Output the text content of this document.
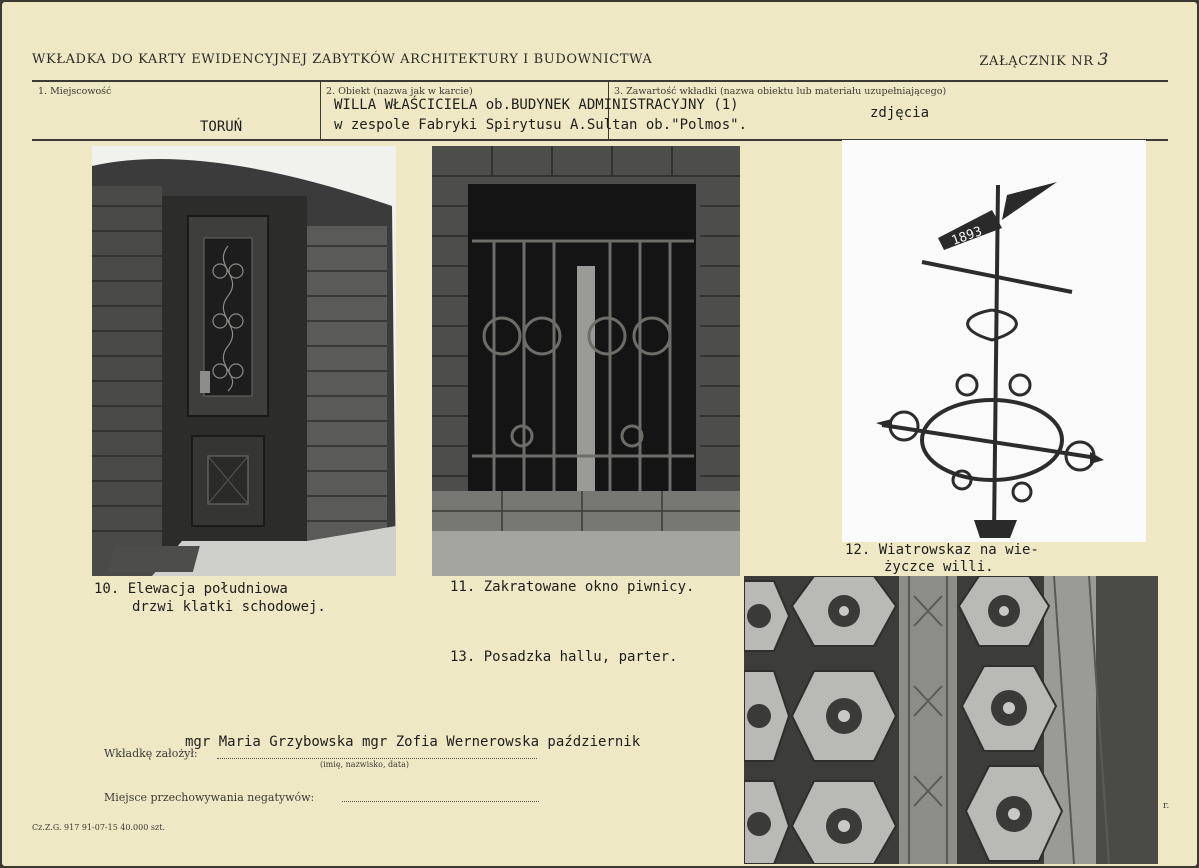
WKŁADKA DO KARTY EWIDENCYJNEJ ZABYTKÓW ARCHITEKTURY I BUDOWNICTWA	ZAŁĄCZNIK NR 3
1. Miejscowość
TORUŃ
2. Obiekt (nazwa jak w karcie)
WILLA WŁAŚCICIELA ob.BUDYNEK ADMINISTRACYJNY (1)
w zespole Fabryki Spirytusu A.Sultan ob."Polmos".
3. Zawartość wkładki (nazwa obiektu lub materiału uzupełniającego)
zdjęcia
1893
10. Elewacja południowa
drzwi klatki schodowej.
11. Zakratowane okno piwnicy.
12. Wiatrowskaz na wie-
życzce willi.
13. Posadzka hallu, parter.
mgr Maria Grzybowska mgr Zofia Wernerowska październik
Wkładkę założył:
(imię, nazwisko, data)
Miejsce przechowywania negatywów:
Cz.Z.G. 917 91-07-15 40.000 szt.
r.
